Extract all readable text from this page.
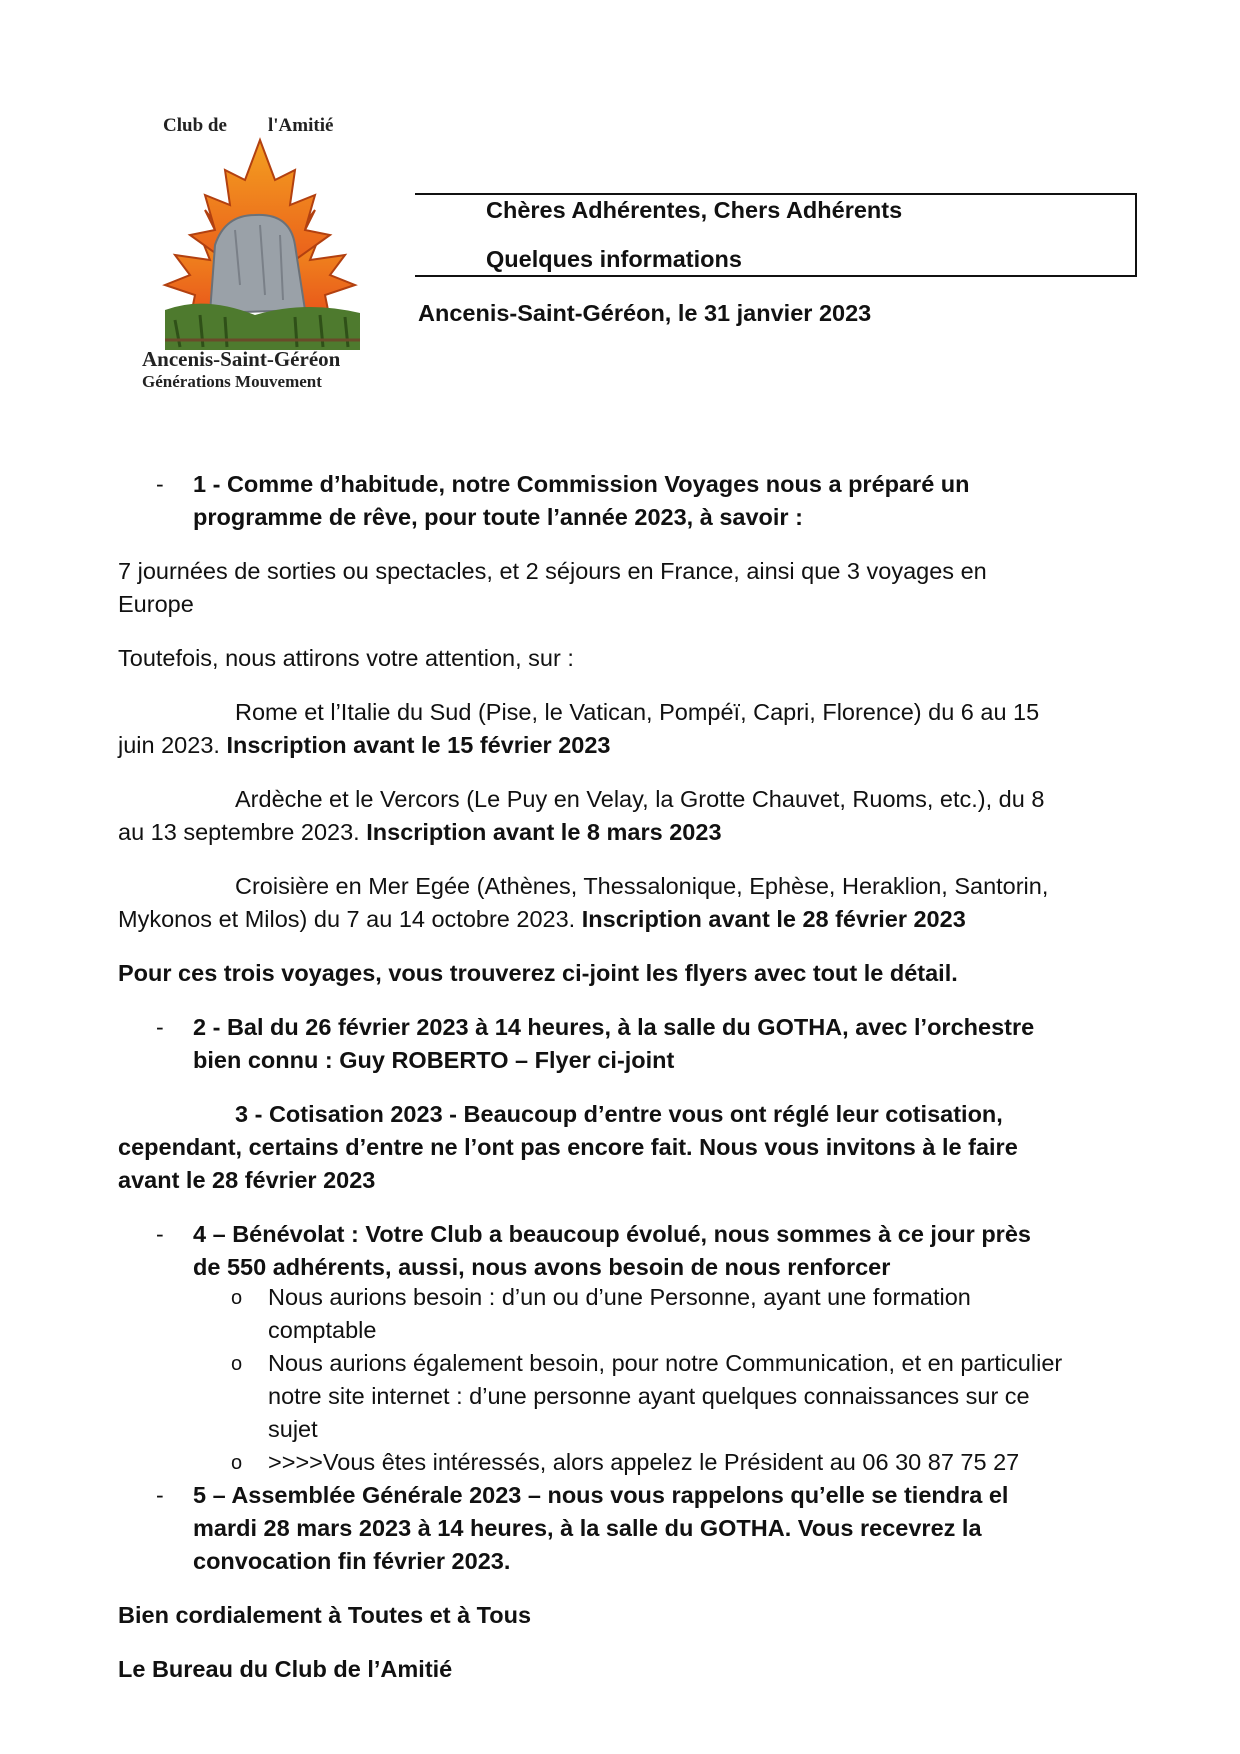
Club de l'Amitié
Ancenis-Saint-Géréon
Générations Mouvement
Chères Adhérentes, Chers Adhérents
Quelques informations
Ancenis-Saint-Géréon, le 31 janvier 2023
- 1 - Comme d’habitude, notre Commission Voyages nous a préparé un
programme de rêve, pour toute l’année 2023, à savoir :
7 journées de sorties ou spectacles, et 2 séjours en France, ainsi que 3 voyages en
Europe
Toutefois, nous attirons votre attention, sur :
Rome et l’Italie du Sud (Pise, le Vatican, Pompéï, Capri, Florence) du 6 au 15
juin 2023. Inscription avant le 15 février 2023
Ardèche et le Vercors (Le Puy en Velay, la Grotte Chauvet, Ruoms, etc.), du 8
au 13 septembre 2023. Inscription avant le 8 mars 2023
Croisière en Mer Egée (Athènes, Thessalonique, Ephèse, Heraklion, Santorin,
Mykonos et Milos) du 7 au 14 octobre 2023. Inscription avant le 28 février 2023
Pour ces trois voyages, vous trouverez ci-joint les flyers avec tout le détail.
- 2 - Bal du 26 février 2023 à 14 heures, à la salle du GOTHA, avec l’orchestre
bien connu : Guy ROBERTO – Flyer ci-joint
3 - Cotisation 2023 - Beaucoup d’entre vous ont réglé leur cotisation,
cependant, certains d’entre ne l’ont pas encore fait. Nous vous invitons à le faire
avant le 28 février 2023
- 4 – Bénévolat : Votre Club a beaucoup évolué, nous sommes à ce jour près
de 550 adhérents, aussi, nous avons besoin de nous renforcer
o Nous aurions besoin : d’un ou d’une Personne, ayant une formation
comptable
o Nous aurions également besoin, pour notre Communication, et en particulier
notre site internet : d’une personne ayant quelques connaissances sur ce
sujet
o >>>>Vous êtes intéressés, alors appelez le Président au 06 30 87 75 27
- 5 – Assemblée Générale 2023 – nous vous rappelons qu’elle se tiendra el
mardi 28 mars 2023 à 14 heures, à la salle du GOTHA. Vous recevrez la
convocation fin février 2023.
Bien cordialement à Toutes et à Tous
Le Bureau du Club de l’Amitié
